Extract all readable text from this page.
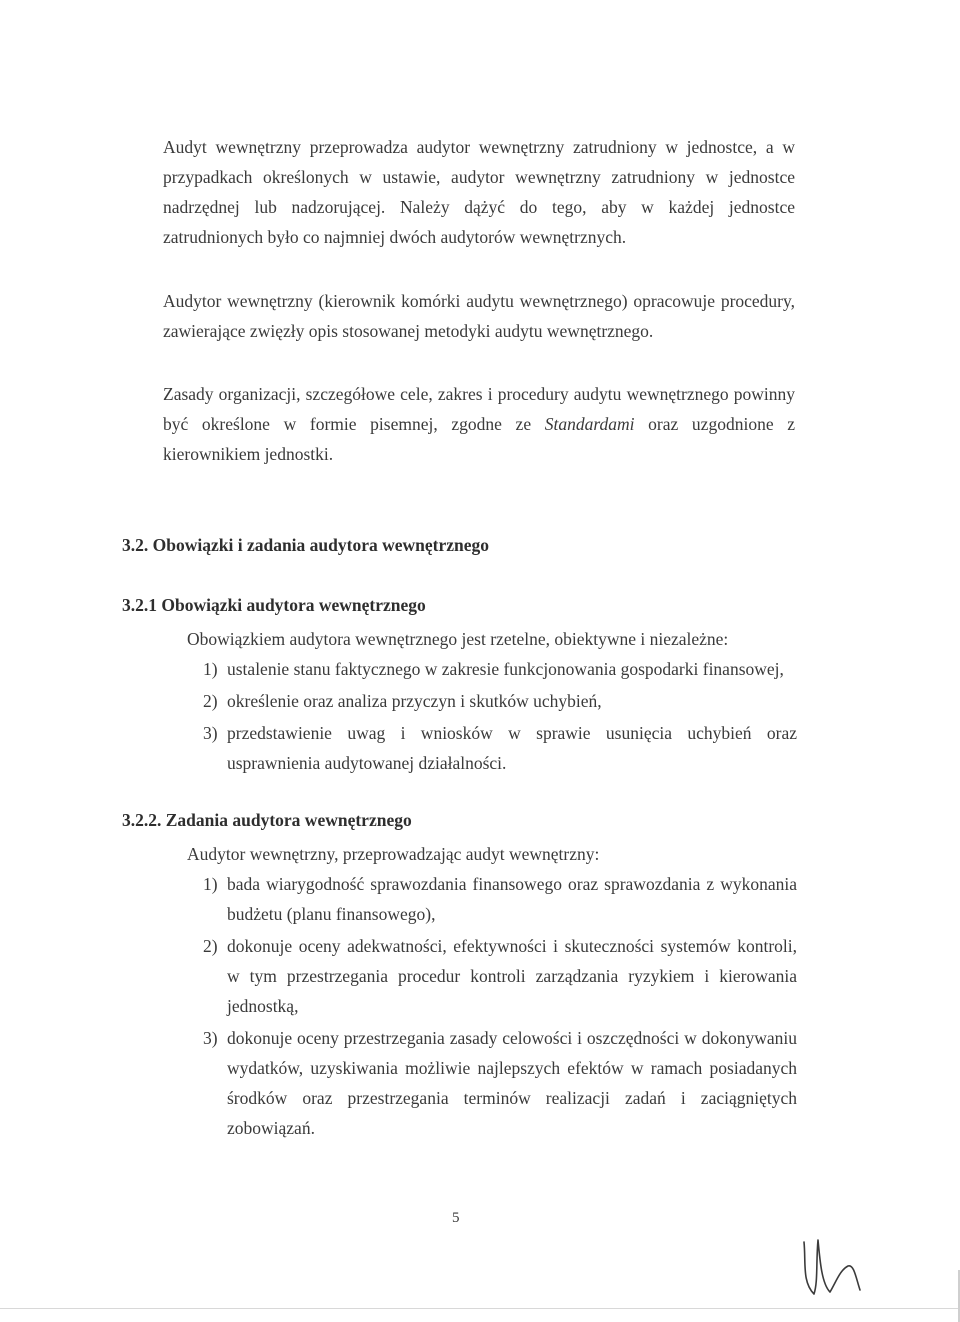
Audyt wewnętrzny przeprowadza audytor wewnętrzny zatrudniony w jednostce, a w przypadkach określonych w ustawie, audytor wewnętrzny zatrudniony w jednostce nadrzędnej lub nadzorującej. Należy dążyć do tego, aby w każdej jednostce zatrudnionych było co najmniej dwóch audytorów wewnętrznych.

Audytor wewnętrzny (kierownik komórki audytu wewnętrznego) opracowuje procedury, zawierające zwięzły opis stosowanej metodyki audytu wewnętrznego.

Zasady organizacji, szczegółowe cele, zakres i procedury audytu wewnętrznego powinny być określone w formie pisemnej, zgodne ze Standardami oraz uzgodnione z kierownikiem jednostki.

3.2. Obowiązki i zadania audytora wewnętrznego
3.2.1 Obowiązki audytora wewnętrznego

Obowiązkiem audytora wewnętrznego jest rzetelne, obiektywne i niezależne:

1) ustalenie stanu faktycznego w zakresie funkcjonowania gospodarki finansowej,
2) określenie oraz analiza przyczyn i skutków uchybień,
3) przedstawienie uwag i wniosków w sprawie usunięcia uchybień oraz usprawnienia audytowanej działalności.
3.2.2. Zadania audytora wewnętrznego

Audytor wewnętrzny, przeprowadzając audyt wewnętrzny:

1) bada wiarygodność sprawozdania finansowego oraz sprawozdania z wykonania budżetu (planu finansowego),
2) dokonuje oceny adekwatności, efektywności i skuteczności systemów kontroli, w tym przestrzegania procedur kontroli zarządzania ryzykiem i kierowania jednostką,
3) dokonuje oceny przestrzegania zasady celowości i oszczędności w dokonywaniu wydatków, uzyskiwania możliwie najlepszych efektów w ramach posiadanych środków oraz przestrzegania terminów realizacji zadań i zaciągniętych zobowiązań.
5
